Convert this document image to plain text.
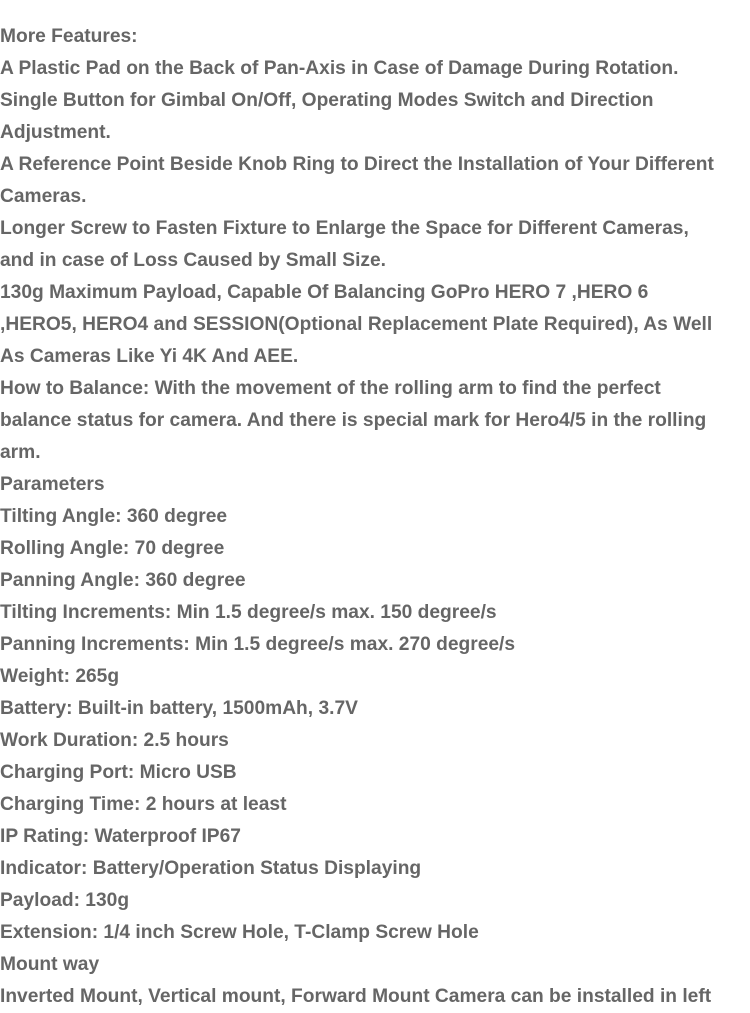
More Features:
A Plastic Pad on the Back of Pan-Axis in Case of Damage During Rotation.
Single Button for Gimbal On/Off, Operating Modes Switch and Direction
Adjustment.
A Reference Point Beside Knob Ring to Direct the Installation of Your Different
Cameras.
Longer Screw to Fasten Fixture to Enlarge the Space for Different Cameras,
and in case of Loss Caused by Small Size.
130g Maximum Payload, Capable Of Balancing GoPro HERO 7 ,HERO 6
,HERO5, HERO4 and SESSION(Optional Replacement Plate Required), As Well
As Cameras Like Yi 4K And AEE.
How to Balance: With the movement of the rolling arm to find the perfect
balance status for camera. And there is special mark for Hero4/5 in the rolling
arm.
Parameters
Tilting Angle: 360 degree
Rolling Angle: 70 degree
Panning Angle: 360 degree
Tilting Increments: Min 1.5 degree/s max. 150 degree/s
Panning Increments: Min 1.5 degree/s max. 270 degree/s
Weight: 265g
Battery: Built-in battery, 1500mAh, 3.7V
Work Duration: 2.5 hours
Charging Port: Micro USB
Charging Time: 2 hours at least
IP Rating: Waterproof IP67
Indicator: Battery/Operation Status Displaying
Payload: 130g
Extension: 1/4 inch Screw Hole, T-Clamp Screw Hole
Mount way
Inverted Mount, Vertical mount, Forward Mount Camera can be installed in left
